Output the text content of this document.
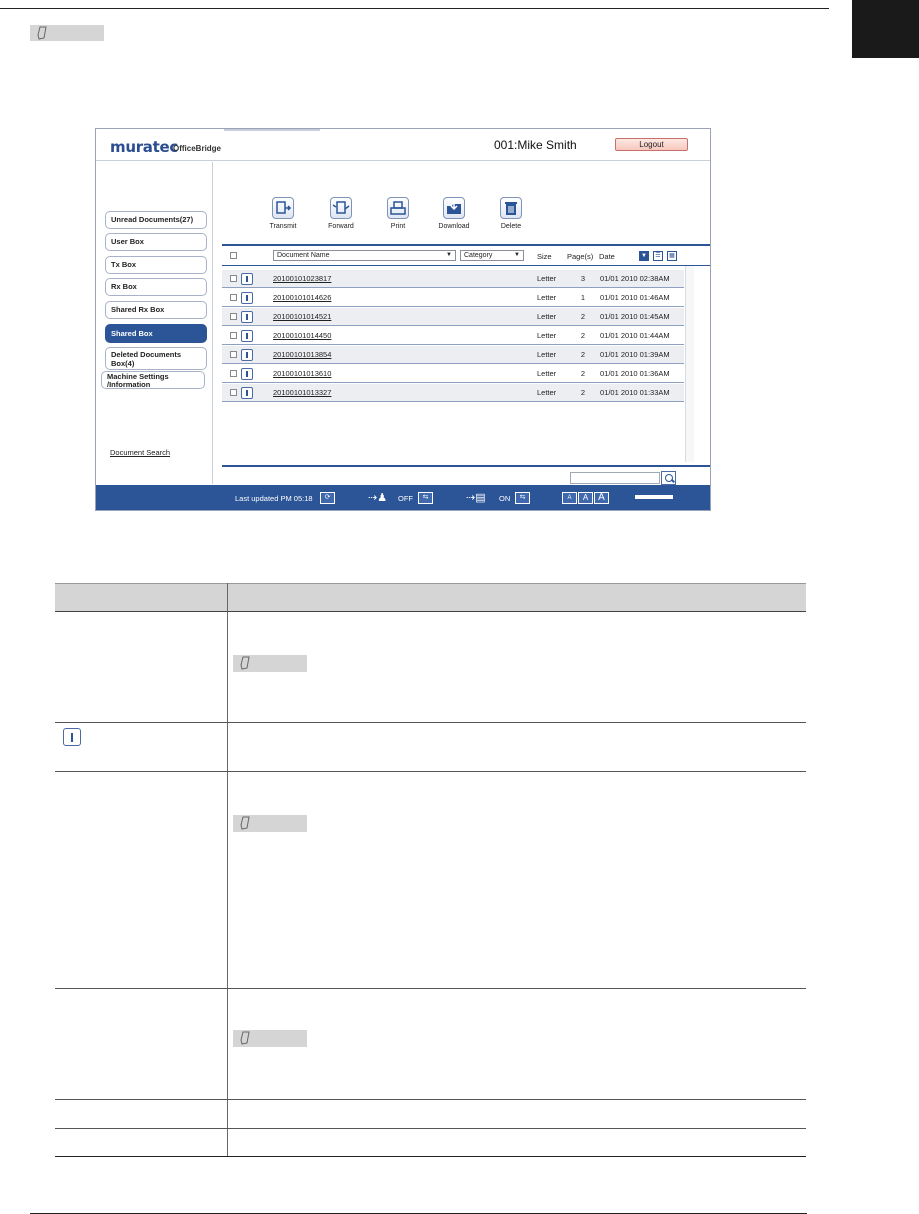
muratec
OfficeBridge	001:Mike Smith	Logout
Unread Documents(27)
User Box
Tx Box
Rx Box
Shared Rx Box
Shared Box
Deleted Documents Box(4)
Machine Settings /Information
Document Search
Transmit	Forward	Print	Download	Delete
Document Name	▼	Category	▼ Size Page(s) Date	▼	☰	▦
20100101023817	Letter	3	01/01 2010 02:38AM
20100101014626	Letter	1	01/01 2010 01:46AM
20100101014521	Letter	2	01/01 2010 01:45AM
20100101014450	Letter	2	01/01 2010 01:44AM
20100101013854	Letter	2	01/01 2010 01:39AM
20100101013610	Letter	2	01/01 2010 01:36AM
20100101013327	Letter	2	01/01 2010 01:33AM
Last updated PM 05:18	⟳	⇢♟ OFF	⇆	⇢▤ ON	⇆	A	A A
